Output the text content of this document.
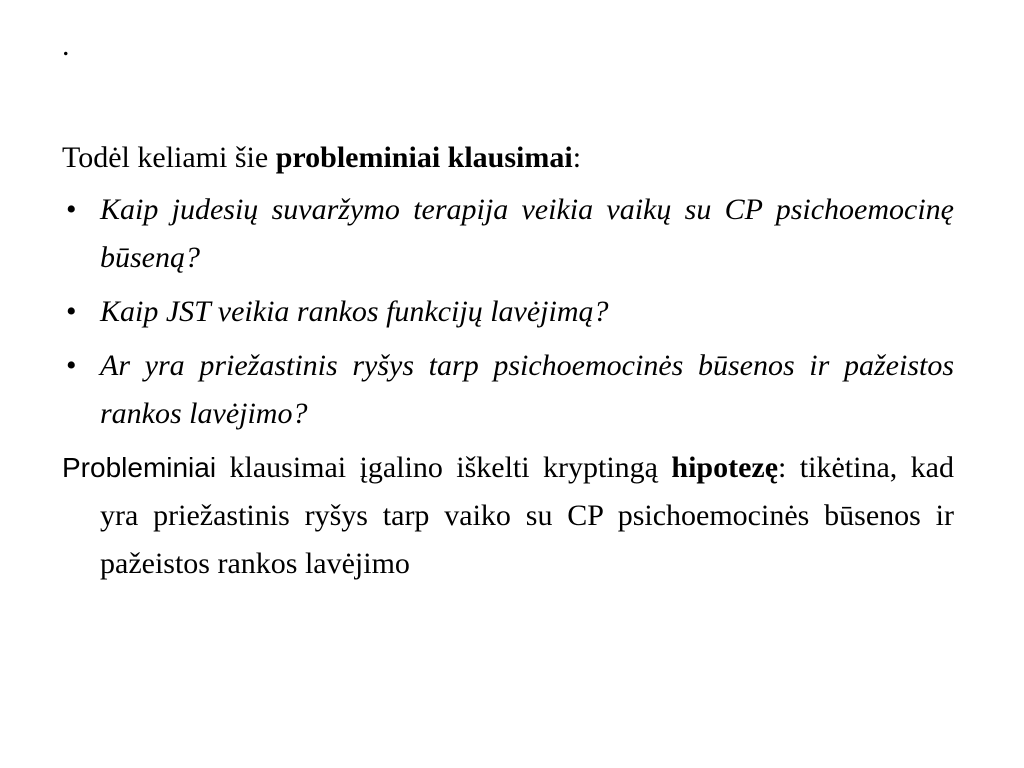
.

Todėl keliami šie probleminiai klausimai:

• Kaip judesių suvaržymo terapija veikia vaikų su CP psichoemocinę būseną?
• Kaip JST veikia rankos funkcijų lavėjimą?
• Ar yra priežastinis ryšys tarp psichoemocinės būsenos ir pažeistos rankos lavėjimo?

Probleminiai klausimai įgalino iškelti kryptingą hipotezę: tikėtina, kad yra priežastinis ryšys tarp vaiko su CP psichoemocinės būsenos ir pažeistos rankos lavėjimo
